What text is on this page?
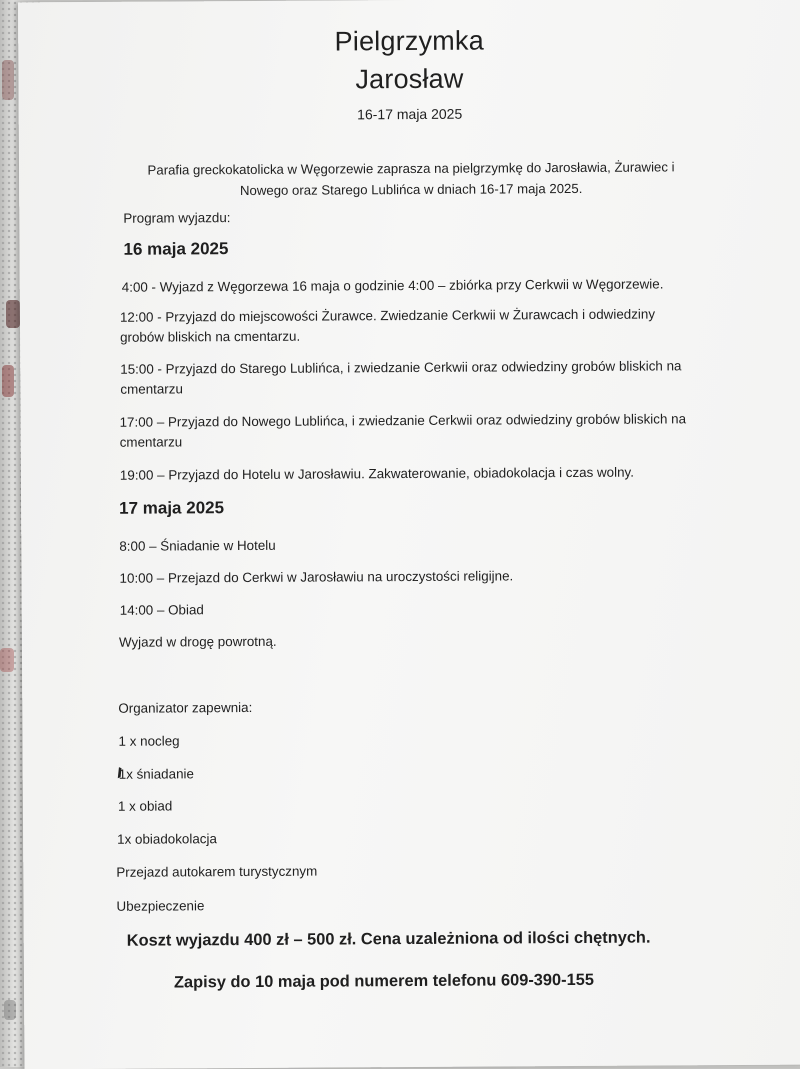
Pielgrzymka
Jarosław
16-17 maja 2025
Parafia greckokatolicka w Węgorzewie zaprasza na pielgrzymkę do Jarosławia, Żurawiec i Nowego oraz Starego Lublińca w dniach 16-17 maja 2025.
Program wyjazdu:
16 maja 2025
4:00 - Wyjazd z Węgorzewa 16 maja o godzinie 4:00 – zbiórka przy Cerkwii w Węgorzewie.
12:00 - Przyjazd do miejscowości Żurawce. Zwiedzanie Cerkwii w Żurawcach i odwiedziny grobów bliskich na cmentarzu.
15:00 - Przyjazd do Starego Lublińca, i zwiedzanie Cerkwii oraz odwiedziny grobów bliskich na cmentarzu
17:00 – Przyjazd do Nowego Lublińca, i zwiedzanie Cerkwii oraz odwiedziny grobów bliskich na cmentarzu
19:00 – Przyjazd do Hotelu w Jarosławiu. Zakwaterowanie, obiadokolacja i czas wolny.
17 maja 2025
8:00 – Śniadanie w Hotelu
10:00 – Przejazd do Cerkwi w Jarosławiu na uroczystości religijne.
14:00 – Obiad
Wyjazd w drogę powrotną.
Organizator zapewnia:
1 x nocleg
1x śniadanie
1 x obiad
1x obiadokolacja
Przejazd autokarem turystycznym
Ubezpieczenie
Koszt wyjazdu 400 zł – 500 zł. Cena uzależniona od ilości chętnych.
Zapisy do 10 maja pod numerem telefonu 609-390-155
